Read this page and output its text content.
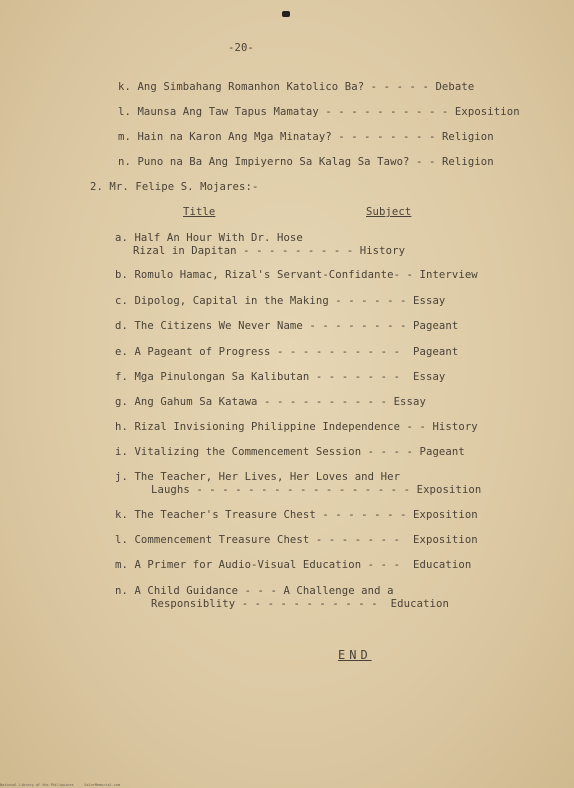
-20-
k. Ang Simbahang Romanhon Katolico Ba? - - - - - Debate
l. Maunsa Ang Taw Tapus Mamatay - - - - - - - - - - Exposition
m. Hain na Karon Ang Mga Minatay? - - - - - - - - Religion
n. Puno na Ba Ang Impiyerno Sa Kalag Sa Tawo? - - Religion
2. Mr. Felipe S. Mojares:-
Title	Subject
a. Half An Hour With Dr. Hose
Rizal in Dapitan - - - - - - - - - History
b. Romulo Hamac, Rizal's Servant-Confidante- - Interview
c. Dipolog, Capital in the Making - - - - - - Essay
d. The Citizens We Never Name - - - - - - - - Pageant
e. A Pageant of Progress - - - - - - - - - -  Pageant
f. Mga Pinulongan Sa Kalibutan - - - - - - -  Essay
g. Ang Gahum Sa Katawa - - - - - - - - - - Essay
h. Rizal Invisioning Philippine Independence - - History
i. Vitalizing the Commencement Session - - - - Pageant
j. The Teacher, Her Lives, Her Loves and Her
Laughs - - - - - - - - - - - - - - - - - Exposition
k. The Teacher's Treasure Chest - - - - - - - Exposition
l. Commencement Treasure Chest - - - - - - -  Exposition
m. A Primer for Audio-Visual Education - - -  Education
n. A Child Guidance - - - A Challenge and a
Responsiblity - - - - - - - - - - -  Education
END
National Library of the Philippines     ValorMemorial.com
